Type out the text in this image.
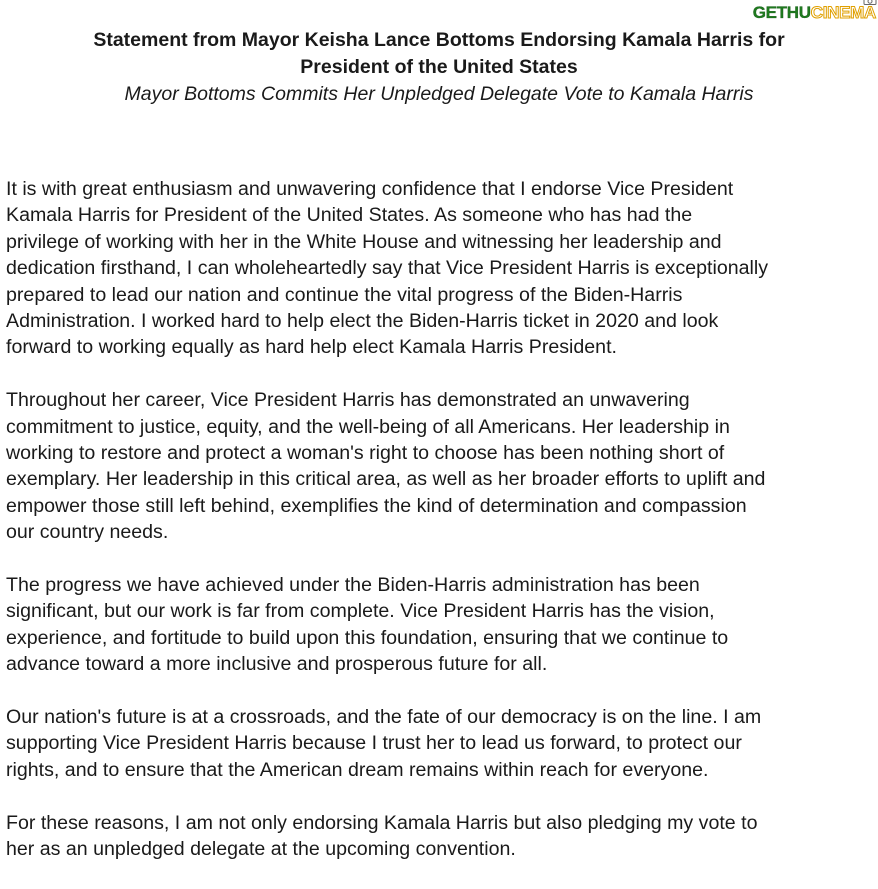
GETHU CINEMA
Statement from Mayor Keisha Lance Bottoms Endorsing Kamala Harris for
President of the United States
Mayor Bottoms Commits Her Unpledged Delegate Vote to Kamala Harris
It is with great enthusiasm and unwavering confidence that I endorse Vice President
Kamala Harris for President of the United States. As someone who has had the
privilege of working with her in the White House and witnessing her leadership and
dedication firsthand, I can wholeheartedly say that Vice President Harris is exceptionally
prepared to lead our nation and continue the vital progress of the Biden-Harris
Administration. I worked hard to help elect the Biden-Harris ticket in 2020 and look
forward to working equally as hard help elect Kamala Harris President.
Throughout her career, Vice President Harris has demonstrated an unwavering
commitment to justice, equity, and the well-being of all Americans. Her leadership in
working to restore and protect a woman's right to choose has been nothing short of
exemplary. Her leadership in this critical area, as well as her broader efforts to uplift and
empower those still left behind, exemplifies the kind of determination and compassion
our country needs.
The progress we have achieved under the Biden-Harris administration has been
significant, but our work is far from complete. Vice President Harris has the vision,
experience, and fortitude to build upon this foundation, ensuring that we continue to
advance toward a more inclusive and prosperous future for all.
Our nation's future is at a crossroads, and the fate of our democracy is on the line. I am
supporting Vice President Harris because I trust her to lead us forward, to protect our
rights, and to ensure that the American dream remains within reach for everyone.
For these reasons, I am not only endorsing Kamala Harris but also pledging my vote to
her as an unpledged delegate at the upcoming convention.
